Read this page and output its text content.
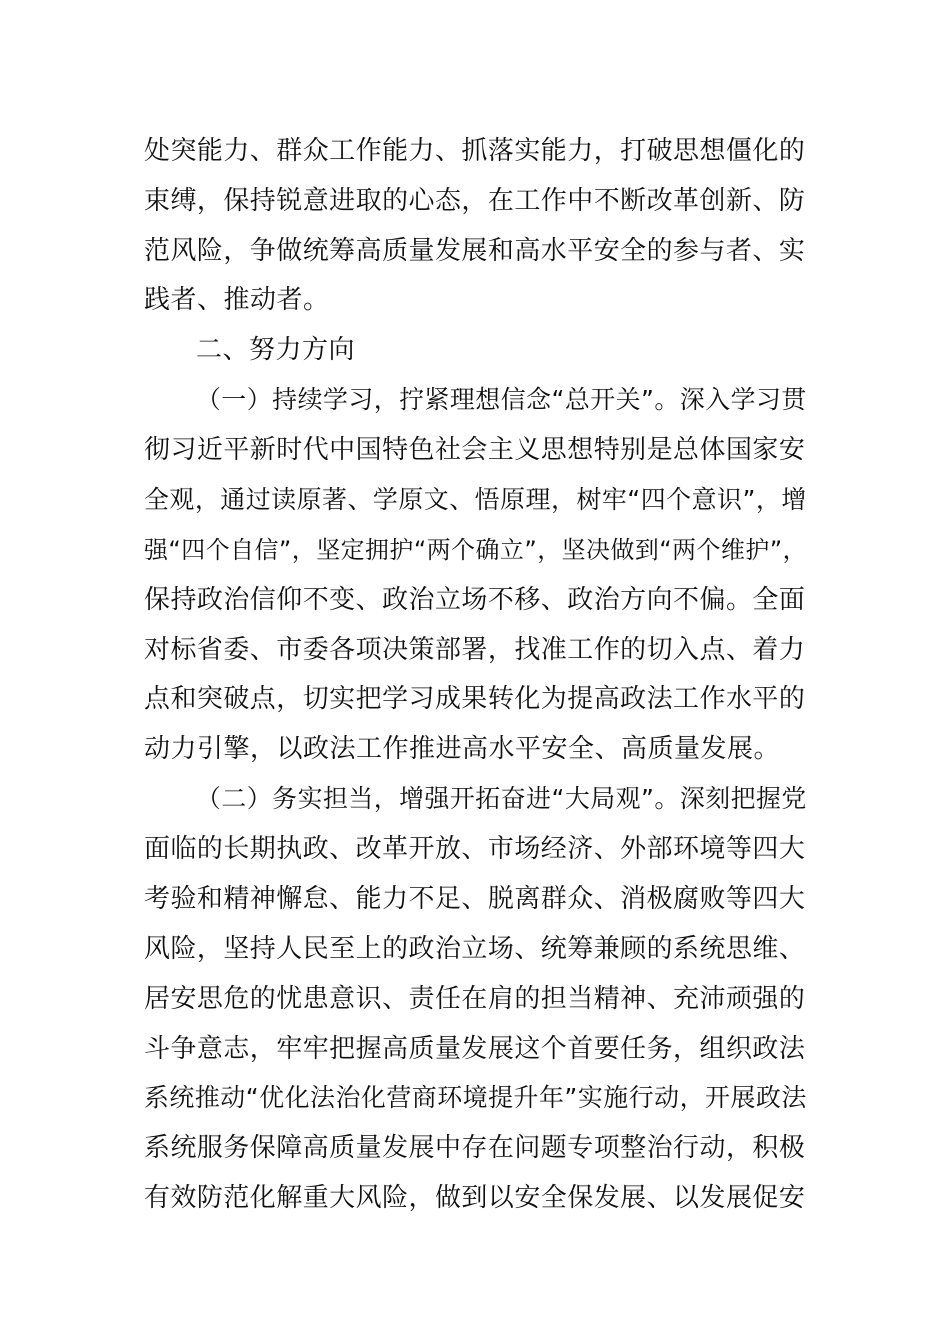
处突能力、群众工作能力、抓落实能力，打破思想僵化的
束缚，保持锐意进取的心态，在工作中不断改革创新、防
范风险，争做统筹高质量发展和高水平安全的参与者、实
践者、推动者。
二、努力方向
（一）持续学习，拧紧理想信念“总开关”。深入学习贯
彻习近平新时代中国特色社会主义思想特别是总体国家安
全观，通过读原著、学原文、悟原理，树牢“四个意识”，增
强“四个自信”，坚定拥护“两个确立”，坚决做到“两个维护”，
保持政治信仰不变、政治立场不移、政治方向不偏。全面
对标省委、市委各项决策部署，找准工作的切入点、着力
点和突破点，切实把学习成果转化为提高政法工作水平的
动力引擎，以政法工作推进高水平安全、高质量发展。
（二）务实担当，增强开拓奋进“大局观”。深刻把握党
面临的长期执政、改革开放、市场经济、外部环境等四大
考验和精神懈怠、能力不足、脱离群众、消极腐败等四大
风险，坚持人民至上的政治立场、统筹兼顾的系统思维、
居安思危的忧患意识、责任在肩的担当精神、充沛顽强的
斗争意志，牢牢把握高质量发展这个首要任务，组织政法
系统推动“优化法治化营商环境提升年”实施行动，开展政法
系统服务保障高质量发展中存在问题专项整治行动，积极
有效防范化解重大风险，做到以安全保发展、以发展促安
